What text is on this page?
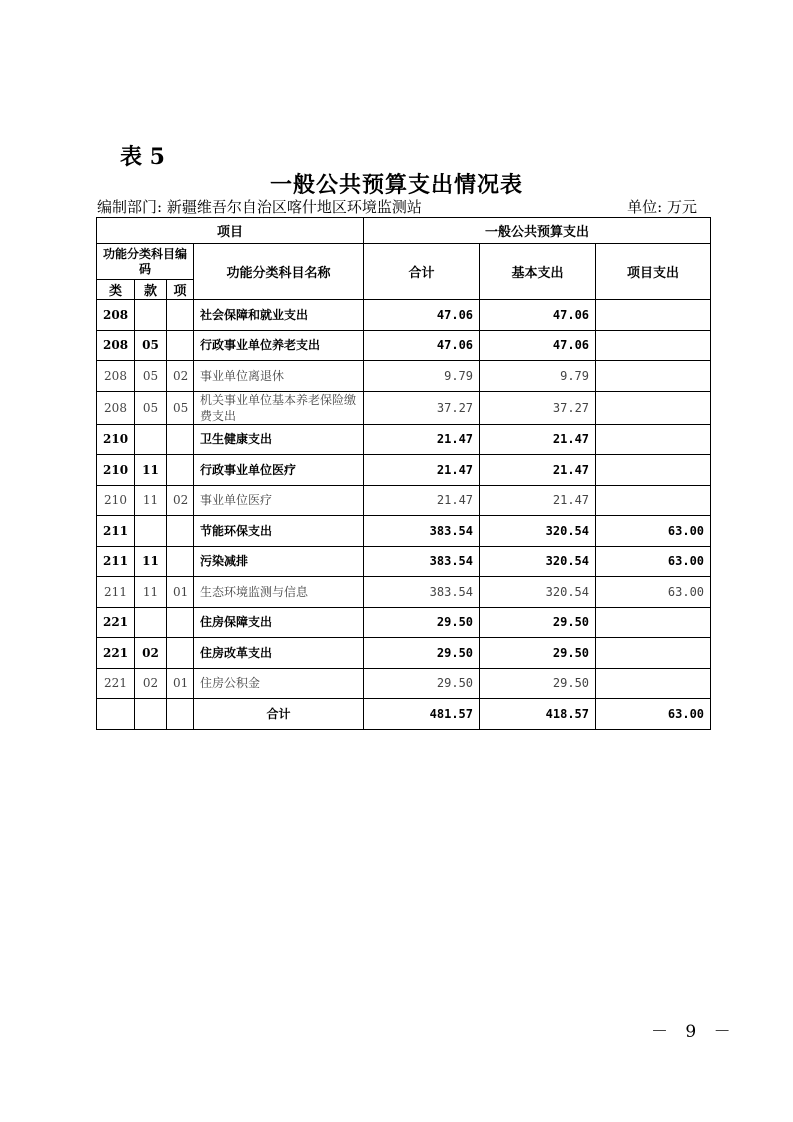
表 5
一般公共预算支出情况表
编制部门: 新疆维吾尔自治区喀什地区环境监测站	单位: 万元
项目				一般公共预算支出		
功能分类科目编码			功能分类科目名称	合计	基本支出	项目支出
类	款	项				
208			社会保障和就业支出	47.06	47.06	
208	05		行政事业单位养老支出	47.06	47.06	
208	05	02	事业单位离退休	9.79	9.79	
208	05	05	机关事业单位基本养老保险缴费支出	37.27	37.27	
210			卫生健康支出	21.47	21.47	
210	11		行政事业单位医疗	21.47	21.47	
210	11	02	事业单位医疗	21.47	21.47	
211			节能环保支出	383.54	320.54	63.00
211	11		污染减排	383.54	320.54	63.00
211	11	01	生态环境监测与信息	383.54	320.54	63.00
221			住房保障支出	29.50	29.50	
221	02		住房改革支出	29.50	29.50	
221	02	01	住房公积金	29.50	29.50	
			合计	481.57	418.57	63.00
－ 9 －
